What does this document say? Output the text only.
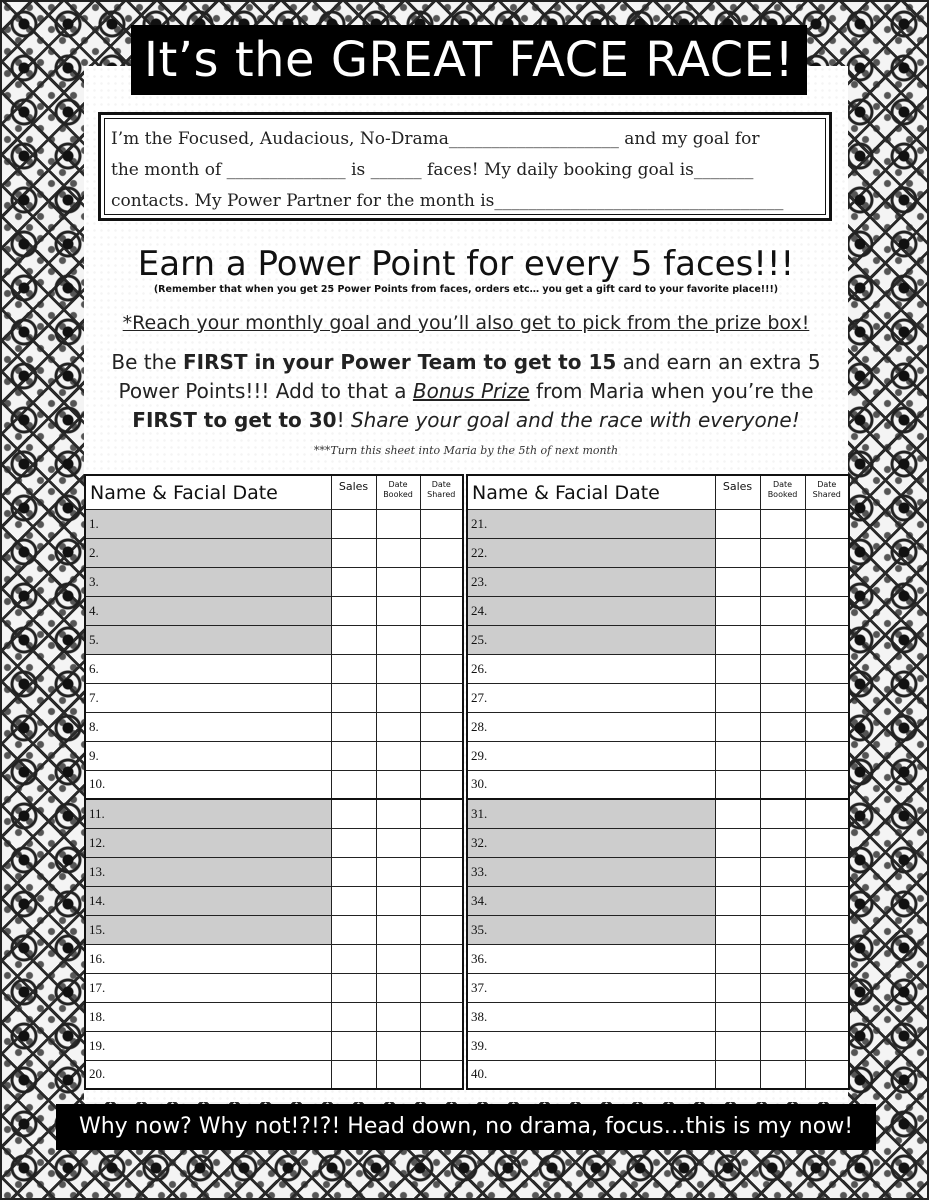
It’s the GREAT FACE RACE!
I’m the Focused, Audacious, No-Drama____________________ and my goal for
the month of ______________ is ______ faces! My daily booking goal is_______
contacts. My Power Partner for the month is__________________________________
Earn a Power Point for every 5 faces!!!
(Remember that when you get 25 Power Points from faces, orders etc… you get a gift card to your favorite place!!!)
*Reach your monthly goal and you’ll also get to pick from the prize box!
Be the FIRST in your Power Team to get to 15 and earn an extra 5 Power Points!!! Add to that a Bonus Prize from Maria when you’re the FIRST to get to 30! Share your goal and the race with everyone!
***Turn this sheet into Maria by the 5th of next month
Name & Facial Date	Sales	Date Booked	Date Shared
1.			
2.			
3.			
4.			
5.			
6.			
7.			
8.			
9.			
10.			
11.			
12.			
13.			
14.			
15.			
16.			
17.			
18.			
19.			
20.			
Name & Facial Date	Sales	Date Booked	Date Shared
21.			
22.			
23.			
24.			
25.			
26.			
27.			
28.			
29.			
30.			
31.			
32.			
33.			
34.			
35.			
36.			
37.			
38.			
39.			
40.			
Why now? Why not!?!?! Head down, no drama, focus…this is my now!
